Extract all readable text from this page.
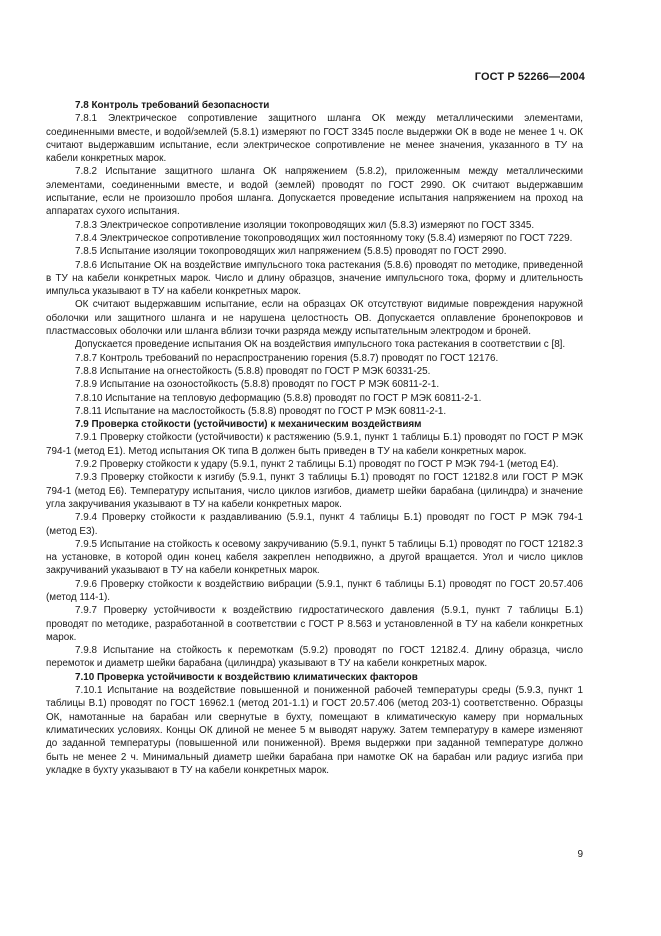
ГОСТ Р 52266—2004

7.8 Контроль требований безопасности

7.8.1 Электрическое сопротивление защитного шланга ОК между металлическими элементами, соединенными вместе, и водой/землей (5.8.1) измеряют по ГОСТ 3345 после выдержки ОК в воде не менее 1 ч. ОК считают выдержавшим испытание, если электрическое сопротивление не менее значения, указанного в ТУ на кабели конкретных марок.

7.8.2 Испытание защитного шланга ОК напряжением (5.8.2), приложенным между металлическими элементами, соединенными вместе, и водой (землей) проводят по ГОСТ 2990. ОК считают выдержавшим испытание, если не произошло пробоя шланга. Допускается проведение испытания напряжением на проход на аппаратах сухого испытания.

7.8.3 Электрическое сопротивление изоляции токопроводящих жил (5.8.3) измеряют по ГОСТ 3345.

7.8.4 Электрическое сопротивление токопроводящих жил постоянному току (5.8.4) измеряют по ГОСТ 7229.

7.8.5 Испытание изоляции токопроводящих жил напряжением (5.8.5) проводят по ГОСТ 2990.

7.8.6 Испытание ОК на воздействие импульсного тока растекания (5.8.6) проводят по методике, приведенной в ТУ на кабели конкретных марок. Число и длину образцов, значение импульсного тока, форму и длительность импульса указывают в ТУ на кабели конкретных марок.

ОК считают выдержавшим испытание, если на образцах ОК отсутствуют видимые повреждения наружной оболочки или защитного шланга и не нарушена целостность ОВ. Допускается оплавление бронепокровов и пластмассовых оболочки или шланга вблизи точки разряда между испытательным электродом и броней.

Допускается проведение испытания ОК на воздействия импульсного тока растекания в соответствии с [8].

7.8.7 Контроль требований по нераспространению горения (5.8.7) проводят по ГОСТ 12176.

7.8.8 Испытание на огнестойкость (5.8.8) проводят по ГОСТ Р МЭК 60331-25.

7.8.9 Испытание на озоностойкость (5.8.8) проводят по ГОСТ Р МЭК 60811-2-1.

7.8.10 Испытание на тепловую деформацию (5.8.8) проводят по ГОСТ Р МЭК 60811-2-1.

7.8.11 Испытание на маслостойкость (5.8.8) проводят по ГОСТ Р МЭК 60811-2-1.

7.9 Проверка стойкости (устойчивости) к механическим воздействиям

7.9.1 Проверку стойкости (устойчивости) к растяжению (5.9.1, пункт 1 таблицы Б.1) проводят по ГОСТ Р МЭК 794-1 (метод Е1). Метод испытания ОК типа В должен быть приведен в ТУ на кабели конкретных марок.

7.9.2 Проверку стойкости к удару (5.9.1, пункт 2 таблицы Б.1) проводят по ГОСТ Р МЭК 794-1 (метод Е4).

7.9.3 Проверку стойкости к изгибу (5.9.1, пункт 3 таблицы Б.1) проводят по ГОСТ 12182.8 или ГОСТ Р МЭК 794-1 (метод Е6). Температуру испытания, число циклов изгибов, диаметр шейки барабана (цилиндра) и значение угла закручивания указывают в ТУ на кабели конкретных марок.

7.9.4 Проверку стойкости к раздавливанию (5.9.1, пункт 4 таблицы Б.1) проводят по ГОСТ Р МЭК 794-1 (метод Е3).

7.9.5 Испытание на стойкость к осевому закручиванию (5.9.1, пункт 5 таблицы Б.1) проводят по ГОСТ 12182.3 на установке, в которой один конец кабеля закреплен неподвижно, а другой вращается. Угол и число циклов закручиваний указывают в ТУ на кабели конкретных марок.

7.9.6 Проверку стойкости к воздействию вибрации (5.9.1, пункт 6 таблицы Б.1) проводят по ГОСТ 20.57.406 (метод 114-1).

7.9.7 Проверку устойчивости к воздействию гидростатического давления (5.9.1, пункт 7 таблицы Б.1) проводят по методике, разработанной в соответствии с ГОСТ Р 8.563 и установленной в ТУ на кабели конкретных марок.

7.9.8 Испытание на стойкость к перемоткам (5.9.2) проводят по ГОСТ 12182.4. Длину образца, число перемоток и диаметр шейки барабана (цилиндра) указывают в ТУ на кабели конкретных марок.

7.10 Проверка устойчивости к воздействию климатических факторов

7.10.1 Испытание на воздействие повышенной и пониженной рабочей температуры среды (5.9.3, пункт 1 таблицы В.1) проводят по ГОСТ 16962.1 (метод 201-1.1) и ГОСТ 20.57.406 (метод 203-1) соответственно. Образцы ОК, намотанные на барабан или свернутые в бухту, помещают в климатическую камеру при нормальных климатических условиях. Концы ОК длиной не менее 5 м выводят наружу. Затем температуру в камере изменяют до заданной температуры (повышенной или пониженной). Время выдержки при заданной температуре должно быть не менее 2 ч. Минимальный диаметр шейки барабана при намотке ОК на барабан или радиус изгиба при укладке в бухту указывают в ТУ на кабели конкретных марок.

9
